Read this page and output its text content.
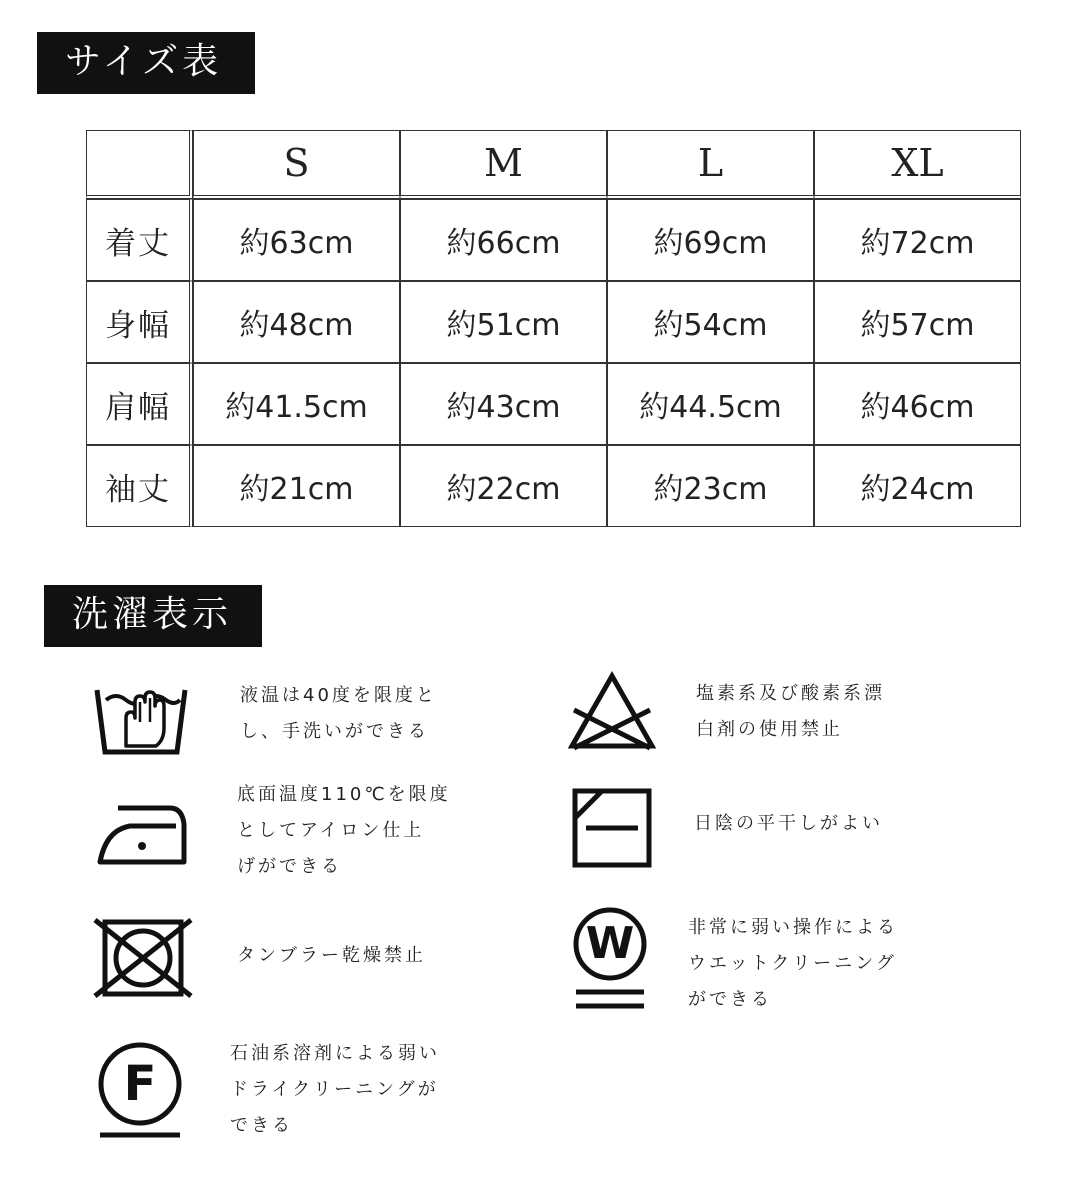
サイズ表
	S	M	L	XL
着丈	約63cm	約66cm	約69cm	約72cm
身幅	約48cm	約51cm	約54cm	約57cm
肩幅	約41.5cm	約43cm	約44.5cm	約46cm
袖丈	約21cm	約22cm	約23cm	約24cm
洗濯表示
液温は40度を限度と
し、手洗いができる
塩素系及び酸素系漂
白剤の使用禁止
底面温度110℃を限度
としてアイロン仕上
げができる
日陰の平干しがよい
タンブラー乾燥禁止	W	非常に弱い操作による
ウエットクリーニング
ができる
F
石油系溶剤による弱い
ドライクリーニングが
できる
